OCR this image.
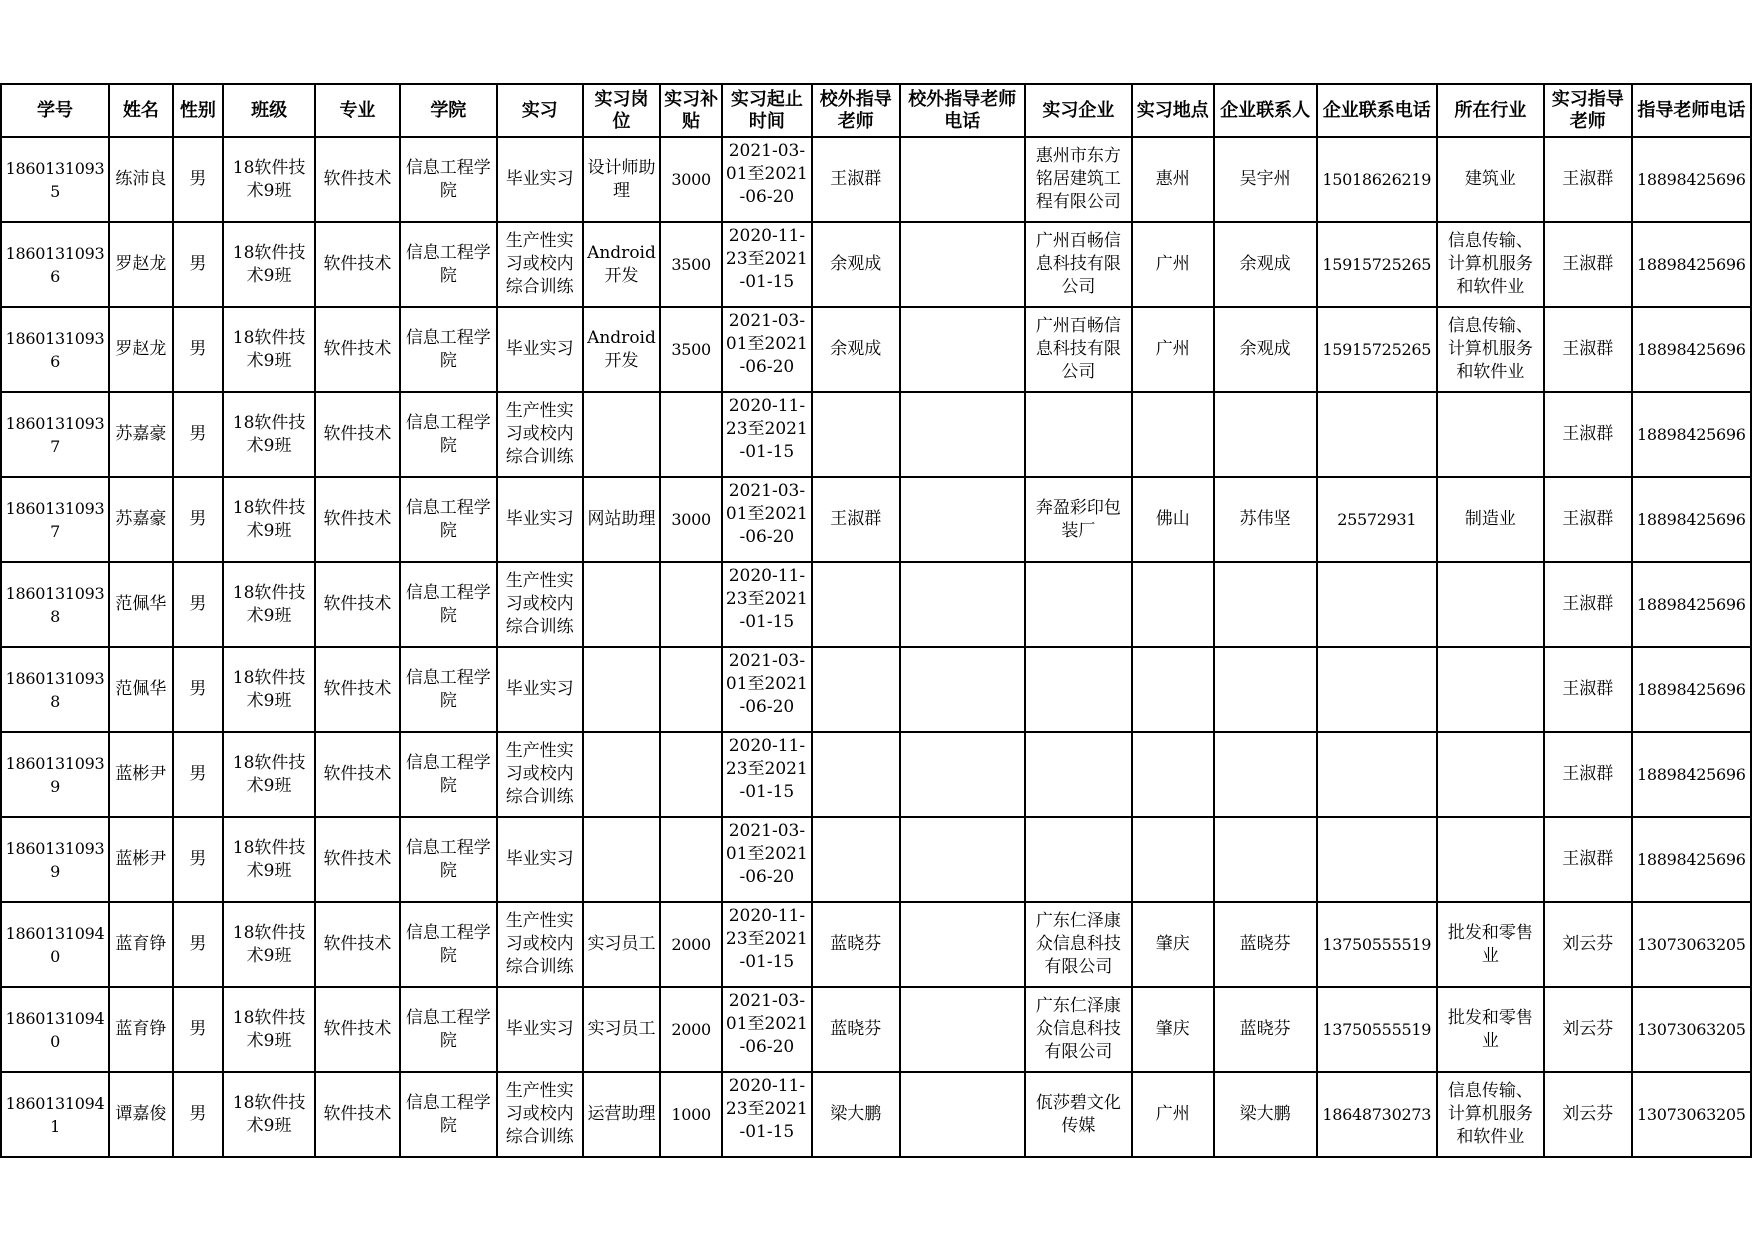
学号	姓名	性别	班级	专业	学院	实习	实习岗位	实习补贴	实习起止时间	校外指导老师	校外指导老师电话	实习企业	实习地点	企业联系人	企业联系电话	所在行业	实习指导老师	指导老师电话
18601310935	练沛良	男	18软件技术9班	软件技术	信息工程学院	毕业实习	设计师助理	3000	2021-03-01至2021-06-20	王淑群		惠州市东方铭居建筑工程有限公司	惠州	吴宇州	15018626219	建筑业	王淑群	18898425696
18601310936	罗赵龙	男	18软件技术9班	软件技术	信息工程学院	生产性实习或校内综合训练	Android开发	3500	2020-11-23至2021-01-15	余观成		广州百畅信息科技有限公司	广州	余观成	15915725265	信息传输、计算机服务和软件业	王淑群	18898425696
18601310936	罗赵龙	男	18软件技术9班	软件技术	信息工程学院	毕业实习	Android开发	3500	2021-03-01至2021-06-20	余观成		广州百畅信息科技有限公司	广州	余观成	15915725265	信息传输、计算机服务和软件业	王淑群	18898425696
18601310937	苏嘉豪	男	18软件技术9班	软件技术	信息工程学院	生产性实习或校内综合训练			2020-11-23至2021-01-15								王淑群	18898425696
18601310937	苏嘉豪	男	18软件技术9班	软件技术	信息工程学院	毕业实习	网站助理	3000	2021-03-01至2021-06-20	王淑群		奔盈彩印包装厂	佛山	苏伟坚	25572931	制造业	王淑群	18898425696
18601310938	范佩华	男	18软件技术9班	软件技术	信息工程学院	生产性实习或校内综合训练			2020-11-23至2021-01-15								王淑群	18898425696
18601310938	范佩华	男	18软件技术9班	软件技术	信息工程学院	毕业实习			2021-03-01至2021-06-20								王淑群	18898425696
18601310939	蓝彬尹	男	18软件技术9班	软件技术	信息工程学院	生产性实习或校内综合训练			2020-11-23至2021-01-15								王淑群	18898425696
18601310939	蓝彬尹	男	18软件技术9班	软件技术	信息工程学院	毕业实习			2021-03-01至2021-06-20								王淑群	18898425696
18601310940	蓝育铮	男	18软件技术9班	软件技术	信息工程学院	生产性实习或校内综合训练	实习员工	2000	2020-11-23至2021-01-15	蓝晓芬		广东仁泽康众信息科技有限公司	肇庆	蓝晓芬	13750555519	批发和零售业	刘云芬	13073063205
18601310940	蓝育铮	男	18软件技术9班	软件技术	信息工程学院	毕业实习	实习员工	2000	2021-03-01至2021-06-20	蓝晓芬		广东仁泽康众信息科技有限公司	肇庆	蓝晓芬	13750555519	批发和零售业	刘云芬	13073063205
18601310941	谭嘉俊	男	18软件技术9班	软件技术	信息工程学院	生产性实习或校内综合训练	运营助理	1000	2020-11-23至2021-01-15	梁大鹏		佤莎碧文化传媒	广州	梁大鹏	18648730273	信息传输、计算机服务和软件业	刘云芬	13073063205
